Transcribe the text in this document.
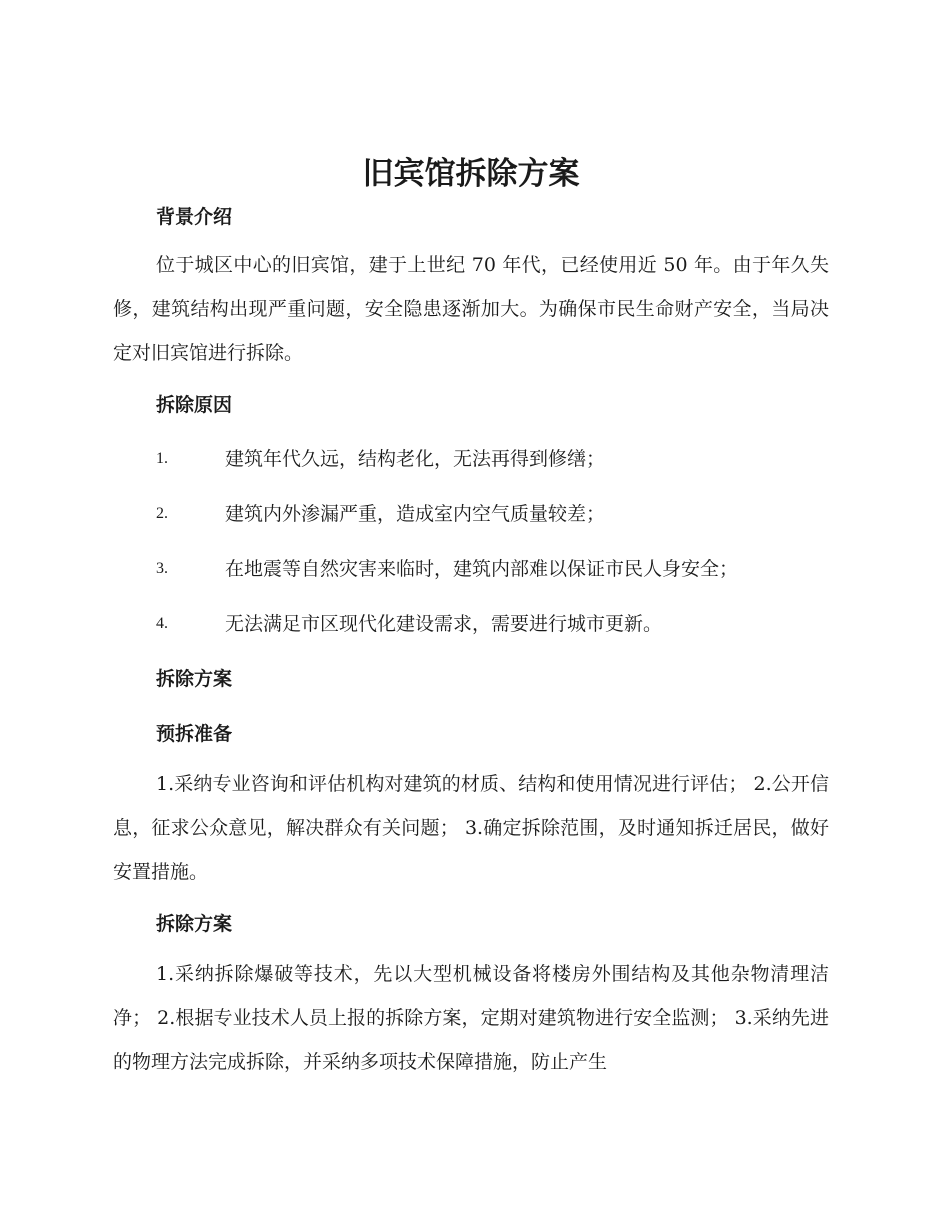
旧宾馆拆除方案
背景介绍

位于城区中心的旧宾馆，建于上世纪 70 年代，已经使用近 50 年。由于年久失修，建筑结构出现严重问题，安全隐患逐渐加大。为确保市民生命财产安全，当局决定对旧宾馆进行拆除。

拆除原因
1.	建筑年代久远，结构老化，无法再得到修缮；
2.	建筑内外渗漏严重，造成室内空气质量较差；
3.	在地震等自然灾害来临时，建筑内部难以保证市民人身安全；
4.	无法满足市区现代化建设需求，需要进行城市更新。
拆除方案
预拆准备

1.采纳专业咨询和评估机构对建筑的材质、结构和使用情况进行评估； 2.公开信息，征求公众意见，解决群众有关问题； 3.确定拆除范围，及时通知拆迁居民，做好安置措施。

拆除方案

1.采纳拆除爆破等技术，先以大型机械设备将楼房外围结构及其他杂物清理洁净； 2.根据专业技术人员上报的拆除方案，定期对建筑物进行安全监测； 3.采纳先进的物理方法完成拆除，并采纳多项技术保障措施，防止产生
